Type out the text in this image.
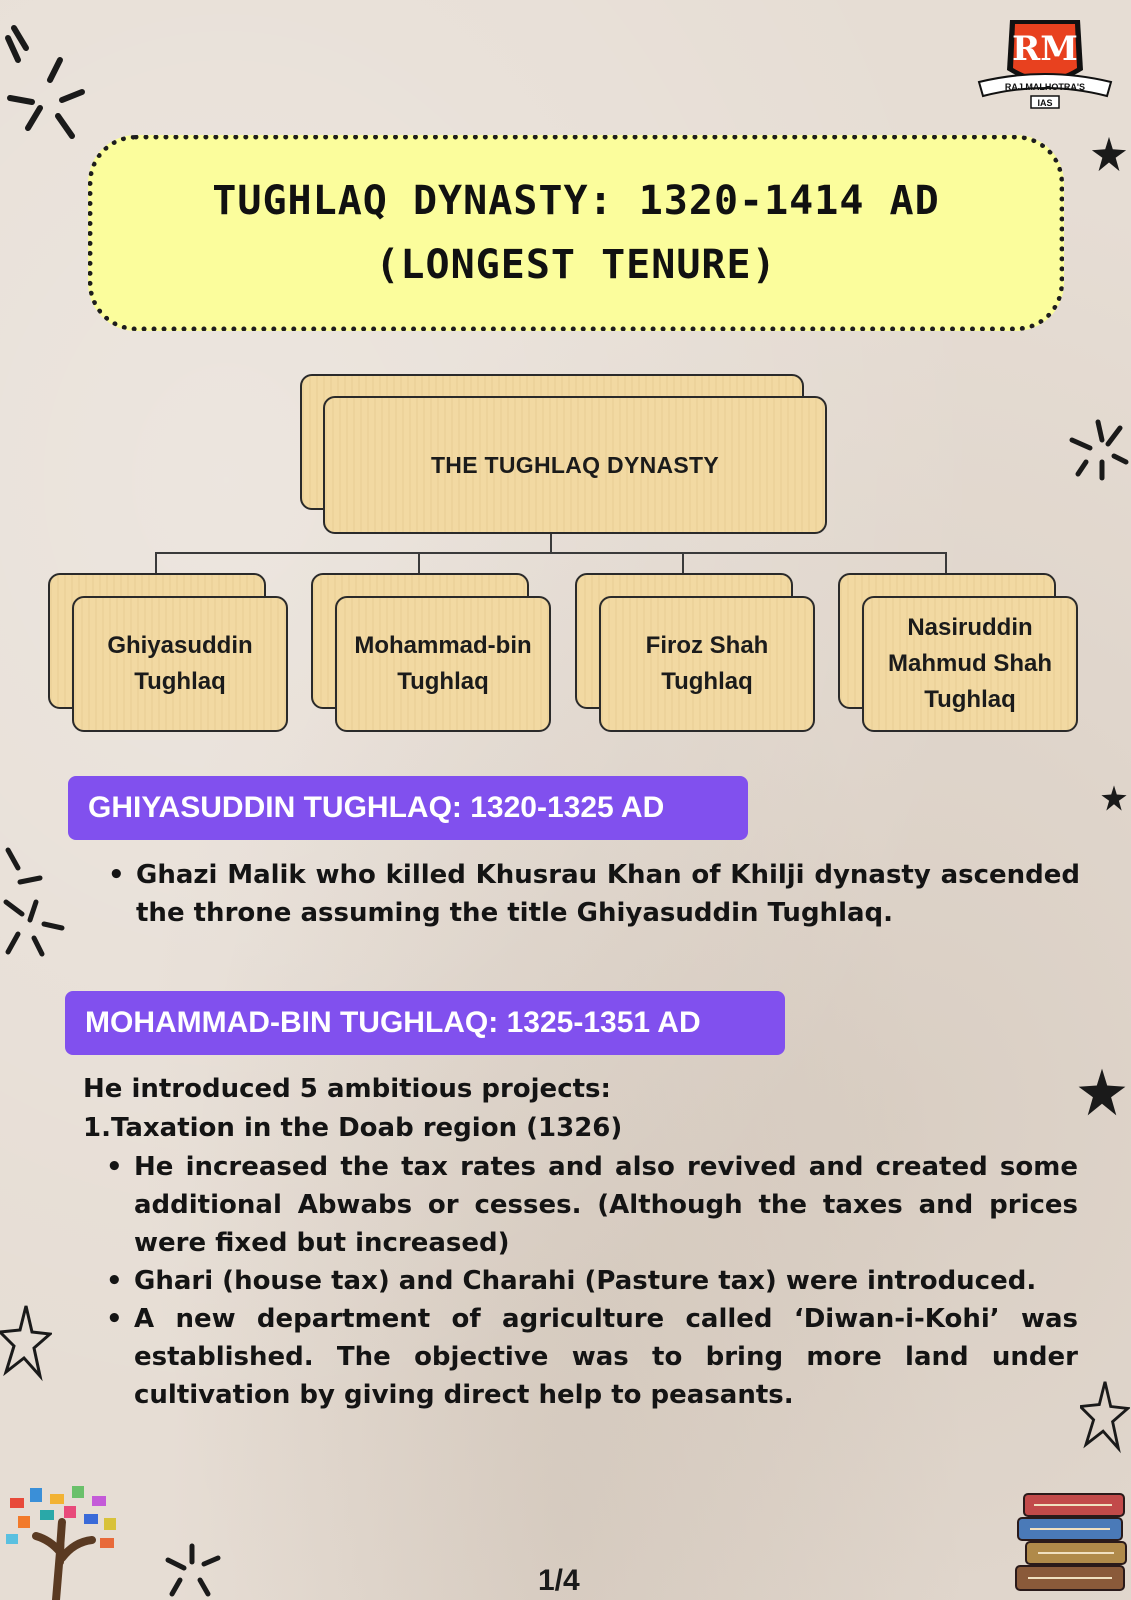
RM
RAJ MALHOTRA'S
IAS
TUGHLAQ DYNASTY: 1320-1414 AD
(LONGEST TENURE)
THE TUGHLAQ DYNASTY
Ghiyasuddin Tughlaq
Mohammad-bin Tughlaq
Firoz Shah Tughlaq
Nasiruddin Mahmud Shah Tughlaq
GHIYASUDDIN TUGHLAQ: 1320-1325 AD
• Ghazi Malik who killed Khusrau Khan of Khilji dynasty ascended the throne assuming the title Ghiyasuddin Tughlaq.
MOHAMMAD-BIN TUGHLAQ: 1325-1351 AD
He introduced 5 ambitious projects:
1.Taxation in the Doab region (1326)
• He increased the tax rates and also revived and created some additional Abwabs or cesses. (Although the taxes and prices were fixed but increased)
• Ghari (house tax) and Charahi (Pasture tax) were introduced.
• A new department of agriculture called ‘Diwan-i-Kohi’ was established. The objective was to bring more land under cultivation by giving direct help to peasants.
1/4
